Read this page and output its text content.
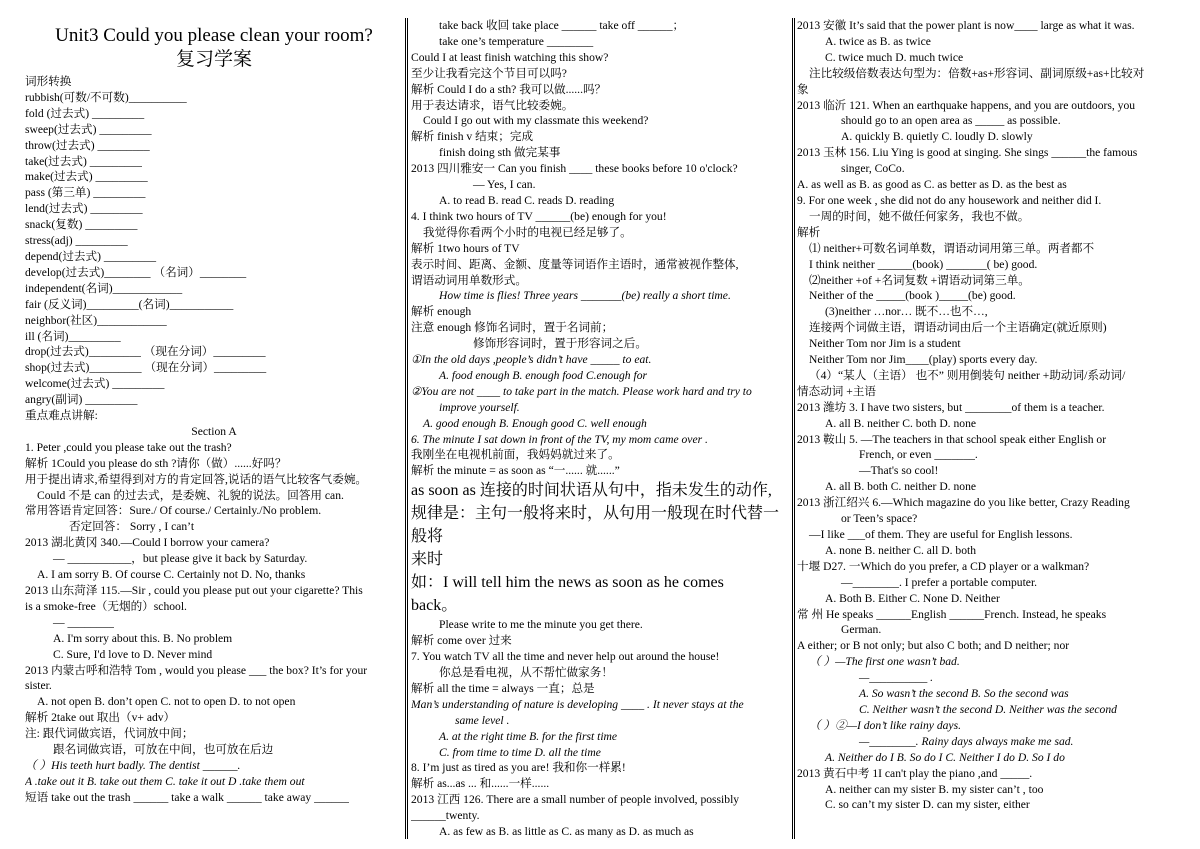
Unit3 Could you please clean your room?
复习学案
词形转换
rubbish(可数/不可数)__________
fold (过去式) _________
sweep(过去式) _________
throw(过去式) _________
take(过去式) _________
make(过去式) _________
pass (第三单) _________
lend(过去式) _________
snack(复数) _________
stress(adj) _________
depend(过去式) _________
develop(过去式)________ （名词）________
independent(名词)____________
fair (反义词)_________(名词)___________
neighbor(社区)____________
ill (名词)_________
drop(过去式)_________ （现在分词）_________
shop(过去式)_________ （现在分词）_________
welcome(过去式) _________
angry(副词) _________
重点难点讲解:
Section A
1. Peter ,could you please take out the trash?
解析 1Could you please do sth ?请你（做）......好吗？
用于提出请求,希望得到对方的肯定回答,说话的语气比较客气委婉。
Could 不是 can 的过去式，是委婉、礼貌的说法。回答用 can.
常用答语肯定回答：Sure./ Of course./ Certainly./No problem.
否定回答： Sorry , I can’t
2013 湖北黄冈 340.—Could I borrow your camera?
— ___________，but please give it back by Saturday.
A. I am sorry B. Of course C. Certainly not D. No, thanks
2013 山东菏泽 115.—Sir , could you please put out your cigarette? This
is a smoke-free（无烟的）school.
— ________
A. I'm sorry about this. B. No problem
C. Sure, I'd love to D. Never mind
2013 内蒙古呼和浩特 Tom , would you please ___ the box? It’s for your
sister.
A. not open B. don’t open C. not to open D. to not open
解析 2take out 取出（v+ adv）
注: 跟代词做宾语，代词放中间；
跟名词做宾语，可放在中间，也可放在后边
（ ）His teeth hurt badly. The dentist ______.
A .take out it B. take out them C. take it out D .take them out
短语 take out the trash ______ take a walk ______ take away ______
take back 收回 take place ______ take off ______；
take one’s temperature ________
Could I at least finish watching this show?
至少让我看完这个节目可以吗?
解析 Could I do a sth? 我可以做......吗？
用于表达请求，语气比较委婉。
Could I go out with my classmate this weekend?
解析 finish v 结束；完成
finish doing sth 做完某事
2013 四川雅安一 Can you finish ____ these books before 10 o'clock?
— Yes, I can.
A. to read B. read C. reads D. reading
4. I think two hours of TV ______(be) enough for you!
我觉得你看两个小时的电视已经足够了。
解析 1two hours of TV
表示时间、距离、金额、度量等词语作主语时，通常被视作整体,
谓语动词用单数形式。
How time is flies! Three years _______(be) really a short time.
解析 enough
注意 enough 修饰名词时，置于名词前；
修饰形容词时，置于形容词之后。
①In the old days ,people’s didn’t have _____ to eat.
A. food enough B. enough food C.enough for
②You are not ____ to take part in the match. Please work hard and try to
improve yourself.
A. good enough B. Enough good C. well enough
6. The minute I sat down in front of the TV, my mom came over .
我刚坐在电视机前面，我妈妈就过来了。
解析 the minute = as soon as “一...... 就......”
as soon as 连接的时间状语从句中，指未发生的动作,
规律是：主句一般将来时，从句用一般现在时代替一般将
来时
如：I will tell him the news as soon as he comes
back。
Please write to me the minute you get there.
解析 come over 过来
7. You watch TV all the time and never help out around the house!
你总是看电视，从不帮忙做家务！
解析 all the time = always 一直；总是
Man’s understanding of nature is developing ____ . It never stays at the
same level .
A. at the right time B. for the first time
C. from time to time D. all the time
8. I’m just as tired as you are! 我和你一样累!
解析 as...as ... 和......一样......
2013 江西 126. There are a small number of people involved, possibly
______twenty.
A. as few as B. as little as C. as many as D. as much as
2013 安徽 It’s said that the power plant is now____ large as what it was.
A. twice as B. as twice
C. twice much D. much twice
注比较级倍数表达句型为：倍数+as+形容词、副词原级+as+比较对
象
2013 临沂 121. When an earthquake happens, and you are outdoors, you
should go to an open area as _____ as possible.
A. quickly B. quietly C. loudly D. slowly
2013 玉林 156. Liu Ying is good at singing. She sings ______the famous
singer, CoCo.
A. as well as B. as good as C. as better as D. as the best as
9. For one week , she did not do any housework and neither did I.
一周的时间，她不做任何家务，我也不做。
解析
⑴ neither+可数名词单数，谓语动词用第三单。两者都不
I think neither ______(book) _______( be) good.
⑵neither +of +名词复数 +谓语动词第三单。
Neither of the _____(book )_____(be) good.
(3)neither …nor… 既不…也不…,
连接两个词做主语，谓语动词由后一个主语确定(就近原则)
Neither Tom nor Jim is a student
Neither Tom nor Jim____(play) sports every day.
（4）“某人（主语） 也不” 则用倒装句 neither +助动词/系动词/
情态动词 +主语
2013 潍坊 3. I have two sisters, but ________of them is a teacher.
A. all B. neither C. both D. none
2013 鞍山 5. —The teachers in that school speak either English or
French, or even _______.
—That's so cool!
A. all B. both C. neither D. none
2013 浙江绍兴 6.—Which magazine do you like better, Crazy Reading
or Teen’s space?
—I like ___of them. They are useful for English lessons.
A. none B. neither C. all D. both
十堰 D27. 一Which do you prefer, a CD player or a walkman?
—________. I prefer a portable computer.
A. Both B. Either C. None D. Neither
常 州 He speaks ______English ______French. Instead, he speaks
German.
A either; or B not only; but also C both; and D neither; nor
（ ）—The first one wasn’t bad.
—__________ .
A. So wasn’t the second B. So the second was
C. Neither wasn’t the second D. Neither was the second
（ ）②—I don’t like rainy days.
—________. Rainy days always make me sad.
A. Neither do I B. So do I C. Neither I do D. So I do
2013 黄石中考 1I can't play the piano ,and _____.
A. neither can my sister B. my sister can’t , too
C. so can’t my sister D. can my sister, either
